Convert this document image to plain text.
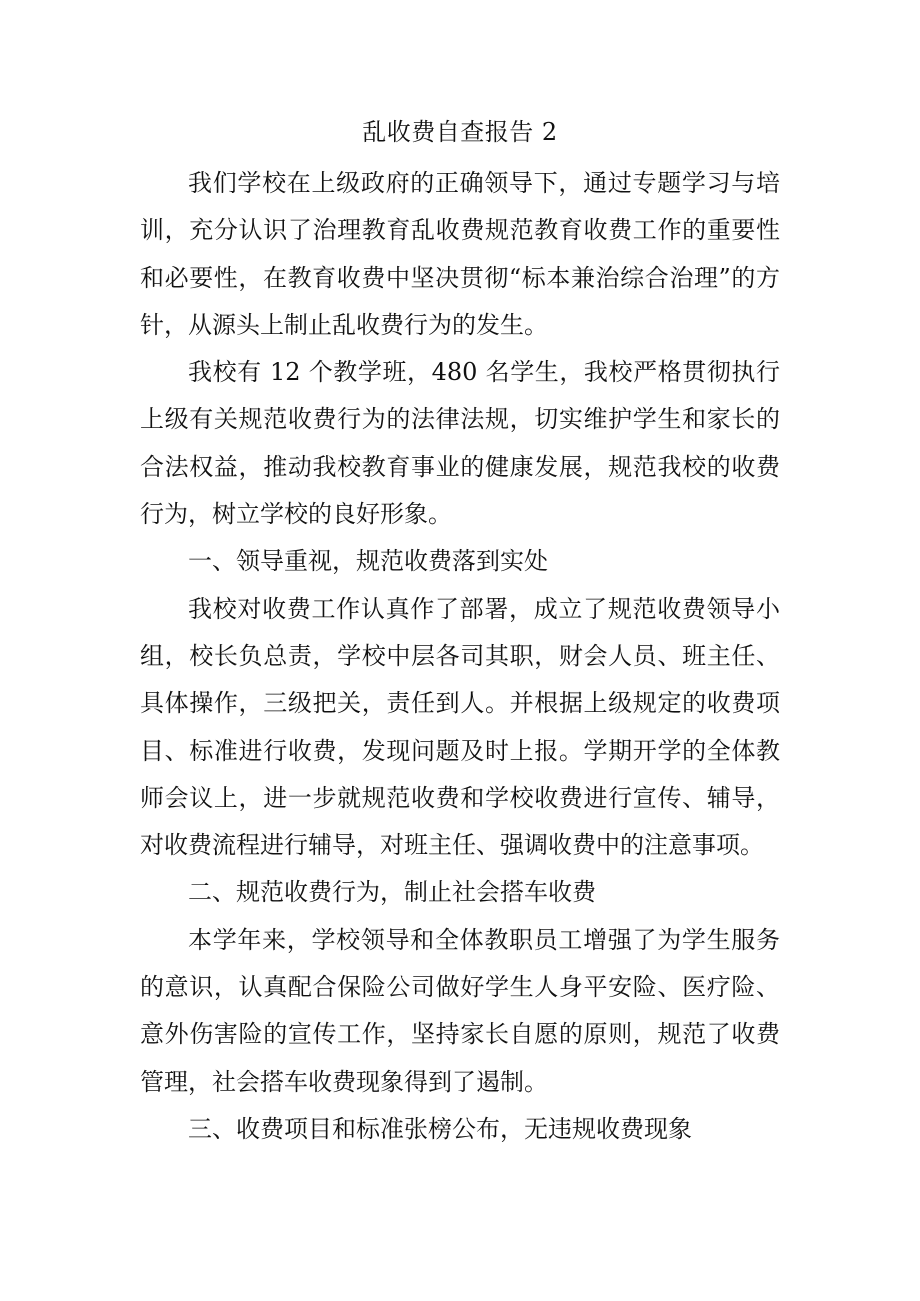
乱收费自查报告 2

我们学校在上级政府的正确领导下，通过专题学习与培训，充分认识了治理教育乱收费规范教育收费工作的重要性和必要性，在教育收费中坚决贯彻“标本兼治综合治理”的方针，从源头上制止乱收费行为的发生。

我校有 12 个教学班，480 名学生，我校严格贯彻执行上级有关规范收费行为的法律法规，切实维护学生和家长的合法权益，推动我校教育事业的健康发展，规范我校的收费行为，树立学校的良好形象。

一、领导重视，规范收费落到实处

我校对收费工作认真作了部署，成立了规范收费领导小组，校长负总责，学校中层各司其职，财会人员、班主任、具体操作，三级把关，责任到人。并根据上级规定的收费项目、标准进行收费，发现问题及时上报。学期开学的全体教师会议上，进一步就规范收费和学校收费进行宣传、辅导，对收费流程进行辅导，对班主任、强调收费中的注意事项。

二、规范收费行为，制止社会搭车收费

本学年来，学校领导和全体教职员工增强了为学生服务的意识，认真配合保险公司做好学生人身平安险、医疗险、意外伤害险的宣传工作，坚持家长自愿的原则，规范了收费管理，社会搭车收费现象得到了遏制。

三、收费项目和标准张榜公布，无违规收费现象
